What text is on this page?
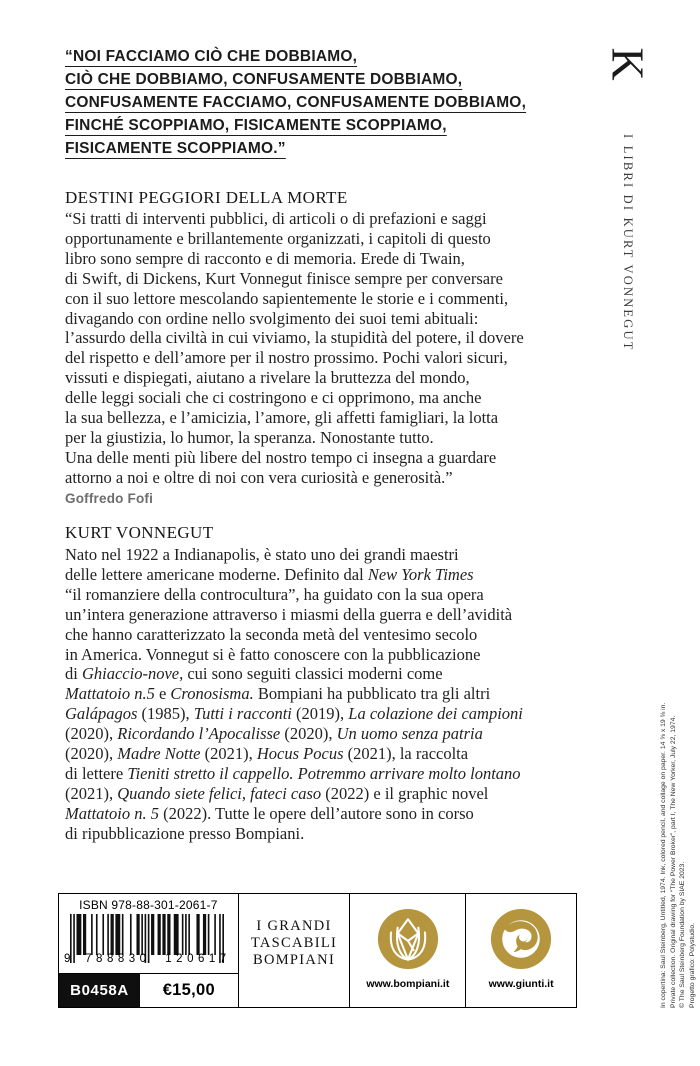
“NOI FACCIAMO CIÒ CHE DOBBIAMO,
CIÒ CHE DOBBIAMO, CONFUSAMENTE DOBBIAMO,
CONFUSAMENTE FACCIAMO, CONFUSAMENTE DOBBIAMO,
FINCHÉ SCOPPIAMO, FISICAMENTE SCOPPIAMO,
FISICAMENTE SCOPPIAMO.”
DESTINI PEGGIORI DELLA MORTE
“Si tratti di interventi pubblici, di articoli o di prefazioni e saggi
opportunamente e brillantemente organizzati, i capitoli di questo
libro sono sempre di racconto e di memoria. Erede di Twain,
di Swift, di Dickens, Kurt Vonnegut finisce sempre per conversare
con il suo lettore mescolando sapientemente le storie e i commenti,
divagando con ordine nello svolgimento dei suoi temi abituali:
l’assurdo della civiltà in cui viviamo, la stupidità del potere, il dovere
del rispetto e dell’amore per il nostro prossimo. Pochi valori sicuri,
vissuti e dispiegati, aiutano a rivelare la bruttezza del mondo,
delle leggi sociali che ci costringono e ci opprimono, ma anche
la sua bellezza, e l’amicizia, l’amore, gli affetti famigliari, la lotta
per la giustizia, lo humor, la speranza. Nonostante tutto.
Una delle menti più libere del nostro tempo ci insegna a guardare
attorno a noi e oltre di noi con vera curiosità e generosità.”
Goffredo Fofi
KURT VONNEGUT
Nato nel 1922 a Indianapolis, è stato uno dei grandi maestri
delle lettere americane moderne. Definito dal New York Times
“il romanziere della controcultura”, ha guidato con la sua opera
un’intera generazione attraverso i miasmi della guerra e dell’avidità
che hanno caratterizzato la seconda metà del ventesimo secolo
in America. Vonnegut si è fatto conoscere con la pubblicazione
di Ghiaccio-nove, cui sono seguiti classici moderni come
Mattatoio n.5 e Cronosisma. Bompiani ha pubblicato tra gli altri
Galápagos (1985), Tutti i racconti (2019), La colazione dei campioni
(2020), Ricordando l’Apocalisse (2020), Un uomo senza patria
(2020), Madre Notte (2021), Hocus Pocus (2021), la raccolta
di lettere Tieniti stretto il cappello. Potremmo arrivare molto lontano
(2021), Quando siete felici, fateci caso (2022) e il graphic novel
Mattatoio n. 5 (2022). Tutte le opere dell’autore sono in corso
di ripubblicazione presso Bompiani.
K
I LIBRI DI KURT VONNEGUT
In copertina: Saul Steinberg, Untitled, 1974. Ink, colored pencil, and collage on paper. 14 ⅝ x 19 ⅝ in.
Private collection. Original drawing for “The Power Broker”, part I, The New Yorker, July 22, 1974.
© The Saul Steinberg Foundation by SIAE 2023.
Progetto grafico: Polystudio.
ISBN 978-88-301-2061-7
9 788830 120617
B0458A	€15,00
I GRANDI
TASCABILI
BOMPIANI
www.bompiani.it	www.giunti.it
